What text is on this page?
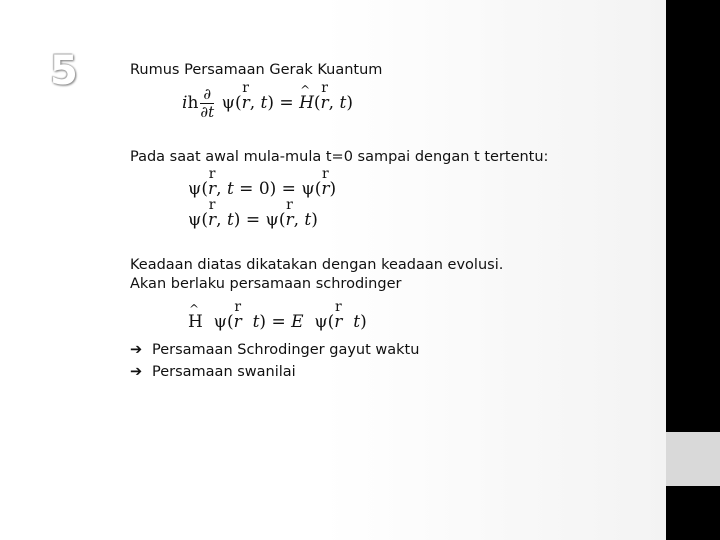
5	Rumus Persamaan Gerak Kuantum
ih $\frac{\partial}{\partial t} \psi$(
r
r, t) = ^ H(
r
r, t)
Pada saat awal mula-mula t=0 sampai dengan t tertentu:
ψ(
r
r, t = 0) = ψ(
r
r)
ψ(
r
r, t) = ψ(
r
r, t)
Keadaan diatas dikatakan dengan keadaan evolusi.
Akan berlaku persamaan schrodinger
^ H  ψ(
r
r t) = E  ψ(
r
r t)
➔ Persamaan Schrodinger gayut waktu
➔ Persamaan swanilai
